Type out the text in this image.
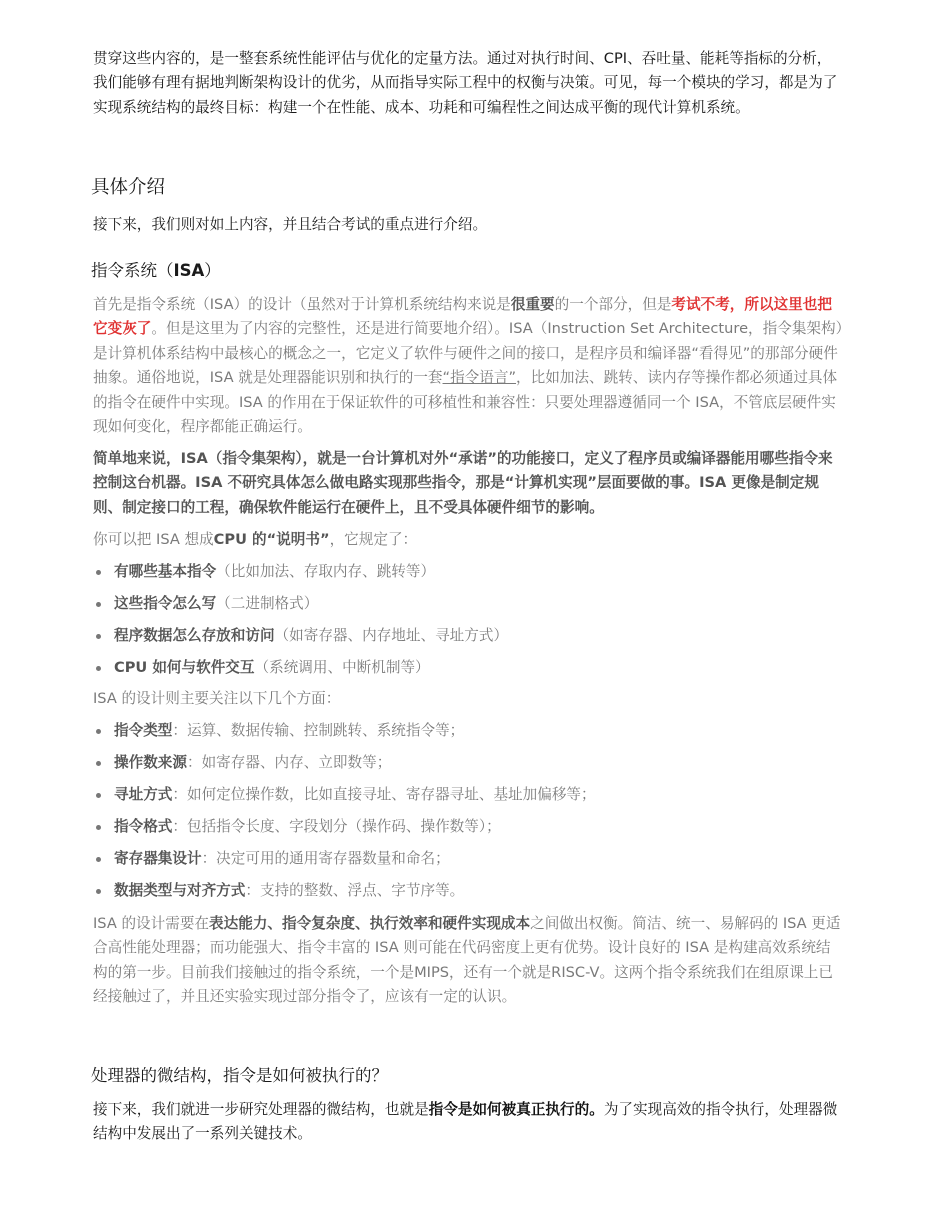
贯穿这些内容的，是一整套系统性能评估与优化的定量方法。通过对执行时间、CPI、吞吐量、能耗等指标的分析，我们能够有理有据地判断架构设计的优劣，从而指导实际工程中的权衡与决策。可见，每一个模块的学习，都是为了实现系统结构的最终目标：构建一个在性能、成本、功耗和可编程性之间达成平衡的现代计算机系统。

具体介绍

接下来，我们则对如上内容，并且结合考试的重点进行介绍。

指令系统（ISA）

首先是指令系统（ISA）的设计（虽然对于计算机系统结构来说是很重要的一个部分，但是考试不考，所以这里也把它变灰了。但是这里为了内容的完整性，还是进行简要地介绍）。ISA（Instruction Set Architecture，指令集架构）是计算机体系结构中最核心的概念之一，它定义了软件与硬件之间的接口，是程序员和编译器“看得见”的那部分硬件抽象。通俗地说，ISA 就是处理器能识别和执行的一套“指令语言”，比如加法、跳转、读内存等操作都必须通过具体的指令在硬件中实现。ISA 的作用在于保证软件的可移植性和兼容性：只要处理器遵循同一个 ISA，不管底层硬件实现如何变化，程序都能正确运行。

简单地来说，ISA（指令集架构），就是一台计算机对外“承诺”的功能接口，定义了程序员或编译器能用哪些指令来控制这台机器。ISA 不研究具体怎么做电路实现那些指令，那是“计算机实现”层面要做的事。ISA 更像是制定规则、制定接口的工程，确保软件能运行在硬件上，且不受具体硬件细节的影响。

你可以把 ISA 想成CPU 的“说明书”，它规定了：

有哪些基本指令（比如加法、存取内存、跳转等）
这些指令怎么写（二进制格式）
程序数据怎么存放和访问（如寄存器、内存地址、寻址方式）
CPU 如何与软件交互（系统调用、中断机制等）

ISA 的设计则主要关注以下几个方面：

指令类型：运算、数据传输、控制跳转、系统指令等；
操作数来源：如寄存器、内存、立即数等；
寻址方式：如何定位操作数，比如直接寻址、寄存器寻址、基址加偏移等；
指令格式：包括指令长度、字段划分（操作码、操作数等）；
寄存器集设计：决定可用的通用寄存器数量和命名；
数据类型与对齐方式：支持的整数、浮点、字节序等。

ISA 的设计需要在表达能力、指令复杂度、执行效率和硬件实现成本之间做出权衡。简洁、统一、易解码的 ISA 更适合高性能处理器；而功能强大、指令丰富的 ISA 则可能在代码密度上更有优势。设计良好的 ISA 是构建高效系统结构的第一步。目前我们接触过的指令系统，一个是MIPS，还有一个就是RISC-V。这两个指令系统我们在组原课上已经接触过了，并且还实验实现过部分指令了，应该有一定的认识。

处理器的微结构，指令是如何被执行的？

接下来，我们就进一步研究处理器的微结构，也就是指令是如何被真正执行的。为了实现高效的指令执行，处理器微结构中发展出了一系列关键技术。
